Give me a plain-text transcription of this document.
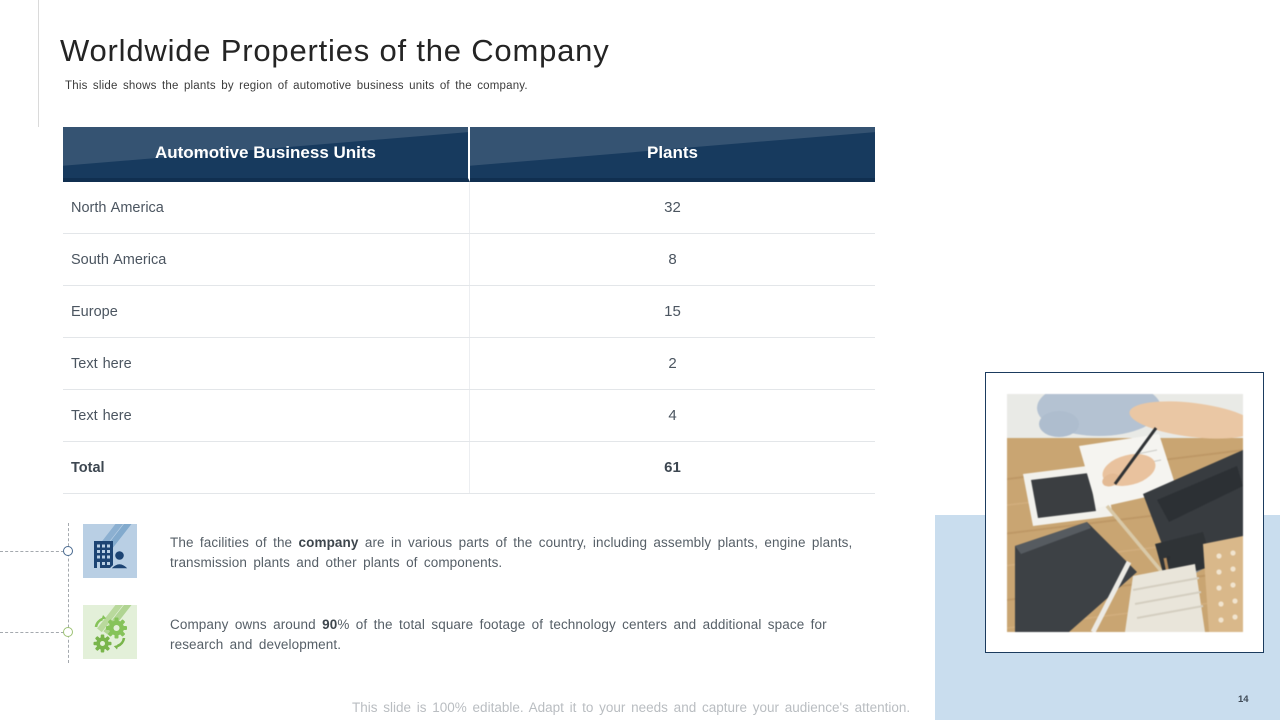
Worldwide Properties of the Company
This slide shows the plants by region of automotive business units of the company.
Automotive Business Units	Plants
North America	32
South America	8
Europe	15
Text here	2
Text here	4
Total	61
The facilities of the company are in various parts of the country, including assembly plants, engine plants, transmission plants and other plants of components.
Company owns around 90% of the total square footage of technology centers and additional space for research and development.
This slide is 100% editable. Adapt it to your needs and capture your audience's attention.
14
